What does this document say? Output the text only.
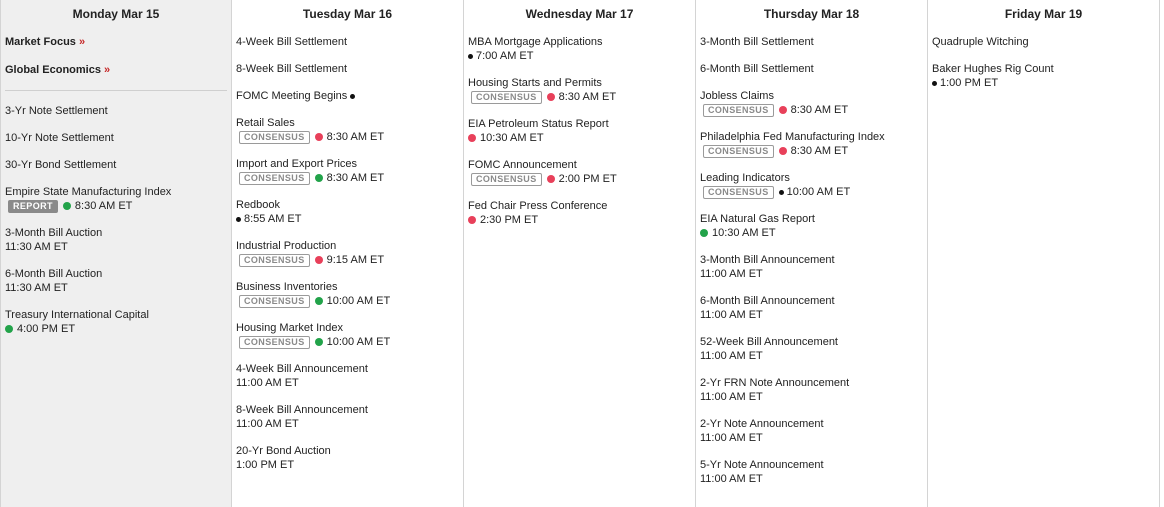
Monday Mar 15
Market Focus »
Global Economics »
3-Yr Note Settlement
10-Yr Note Settlement
30-Yr Bond Settlement
Empire State Manufacturing Index
REPORT	8:30 AM ET
3-Month Bill Auction
11:30 AM ET
6-Month Bill Auction
11:30 AM ET
Treasury International Capital
4:00 PM ET
Tuesday Mar 16
4-Week Bill Settlement
8-Week Bill Settlement
FOMC Meeting Begins
Retail Sales
CONSENSUS	8:30 AM ET
Import and Export Prices
CONSENSUS	8:30 AM ET
Redbook
8:55 AM ET
Industrial Production
CONSENSUS	9:15 AM ET
Business Inventories
CONSENSUS	10:00 AM ET
Housing Market Index
CONSENSUS	10:00 AM ET
4-Week Bill Announcement
11:00 AM ET
8-Week Bill Announcement
11:00 AM ET
20-Yr Bond Auction
1:00 PM ET
Wednesday Mar 17
MBA Mortgage Applications
7:00 AM ET
Housing Starts and Permits
CONSENSUS	8:30 AM ET
EIA Petroleum Status Report
10:30 AM ET
FOMC Announcement
CONSENSUS	2:00 PM ET
Fed Chair Press Conference
2:30 PM ET
Thursday Mar 18
3-Month Bill Settlement
6-Month Bill Settlement
Jobless Claims
CONSENSUS	8:30 AM ET
Philadelphia Fed Manufacturing Index
CONSENSUS	8:30 AM ET
Leading Indicators
CONSENSUS	10:00 AM ET
EIA Natural Gas Report
10:30 AM ET
3-Month Bill Announcement
11:00 AM ET
6-Month Bill Announcement
11:00 AM ET
52-Week Bill Announcement
11:00 AM ET
2-Yr FRN Note Announcement
11:00 AM ET
2-Yr Note Announcement
11:00 AM ET
5-Yr Note Announcement
11:00 AM ET
Friday Mar 19
Quadruple Witching
Baker Hughes Rig Count
1:00 PM ET
